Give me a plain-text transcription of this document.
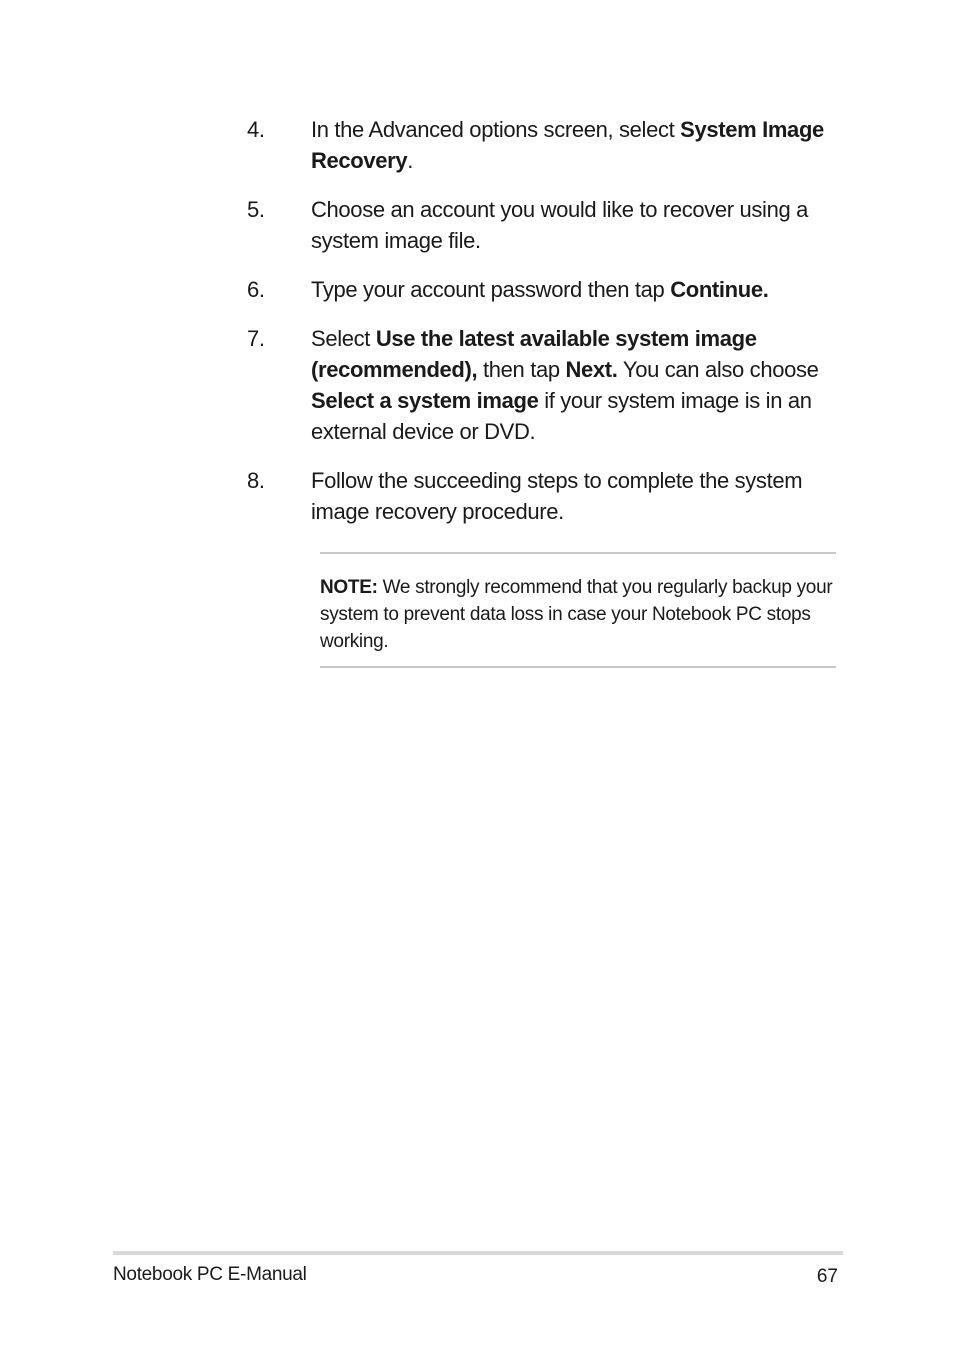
4.	In the Advanced options screen, select System Image Recovery.
5.	Choose an account you would like to recover using a system image file.
6.	Type your account password then tap Continue.
7.	Select Use the latest available system image (recommended), then tap Next. You can also choose Select a system image if your system image is in an external device or DVD.
8.	Follow the succeeding steps to complete the system image recovery procedure.

NOTE: We strongly recommend that you regularly backup your system to prevent data loss in case your Notebook PC stops working.

Notebook PC E-Manual	67
